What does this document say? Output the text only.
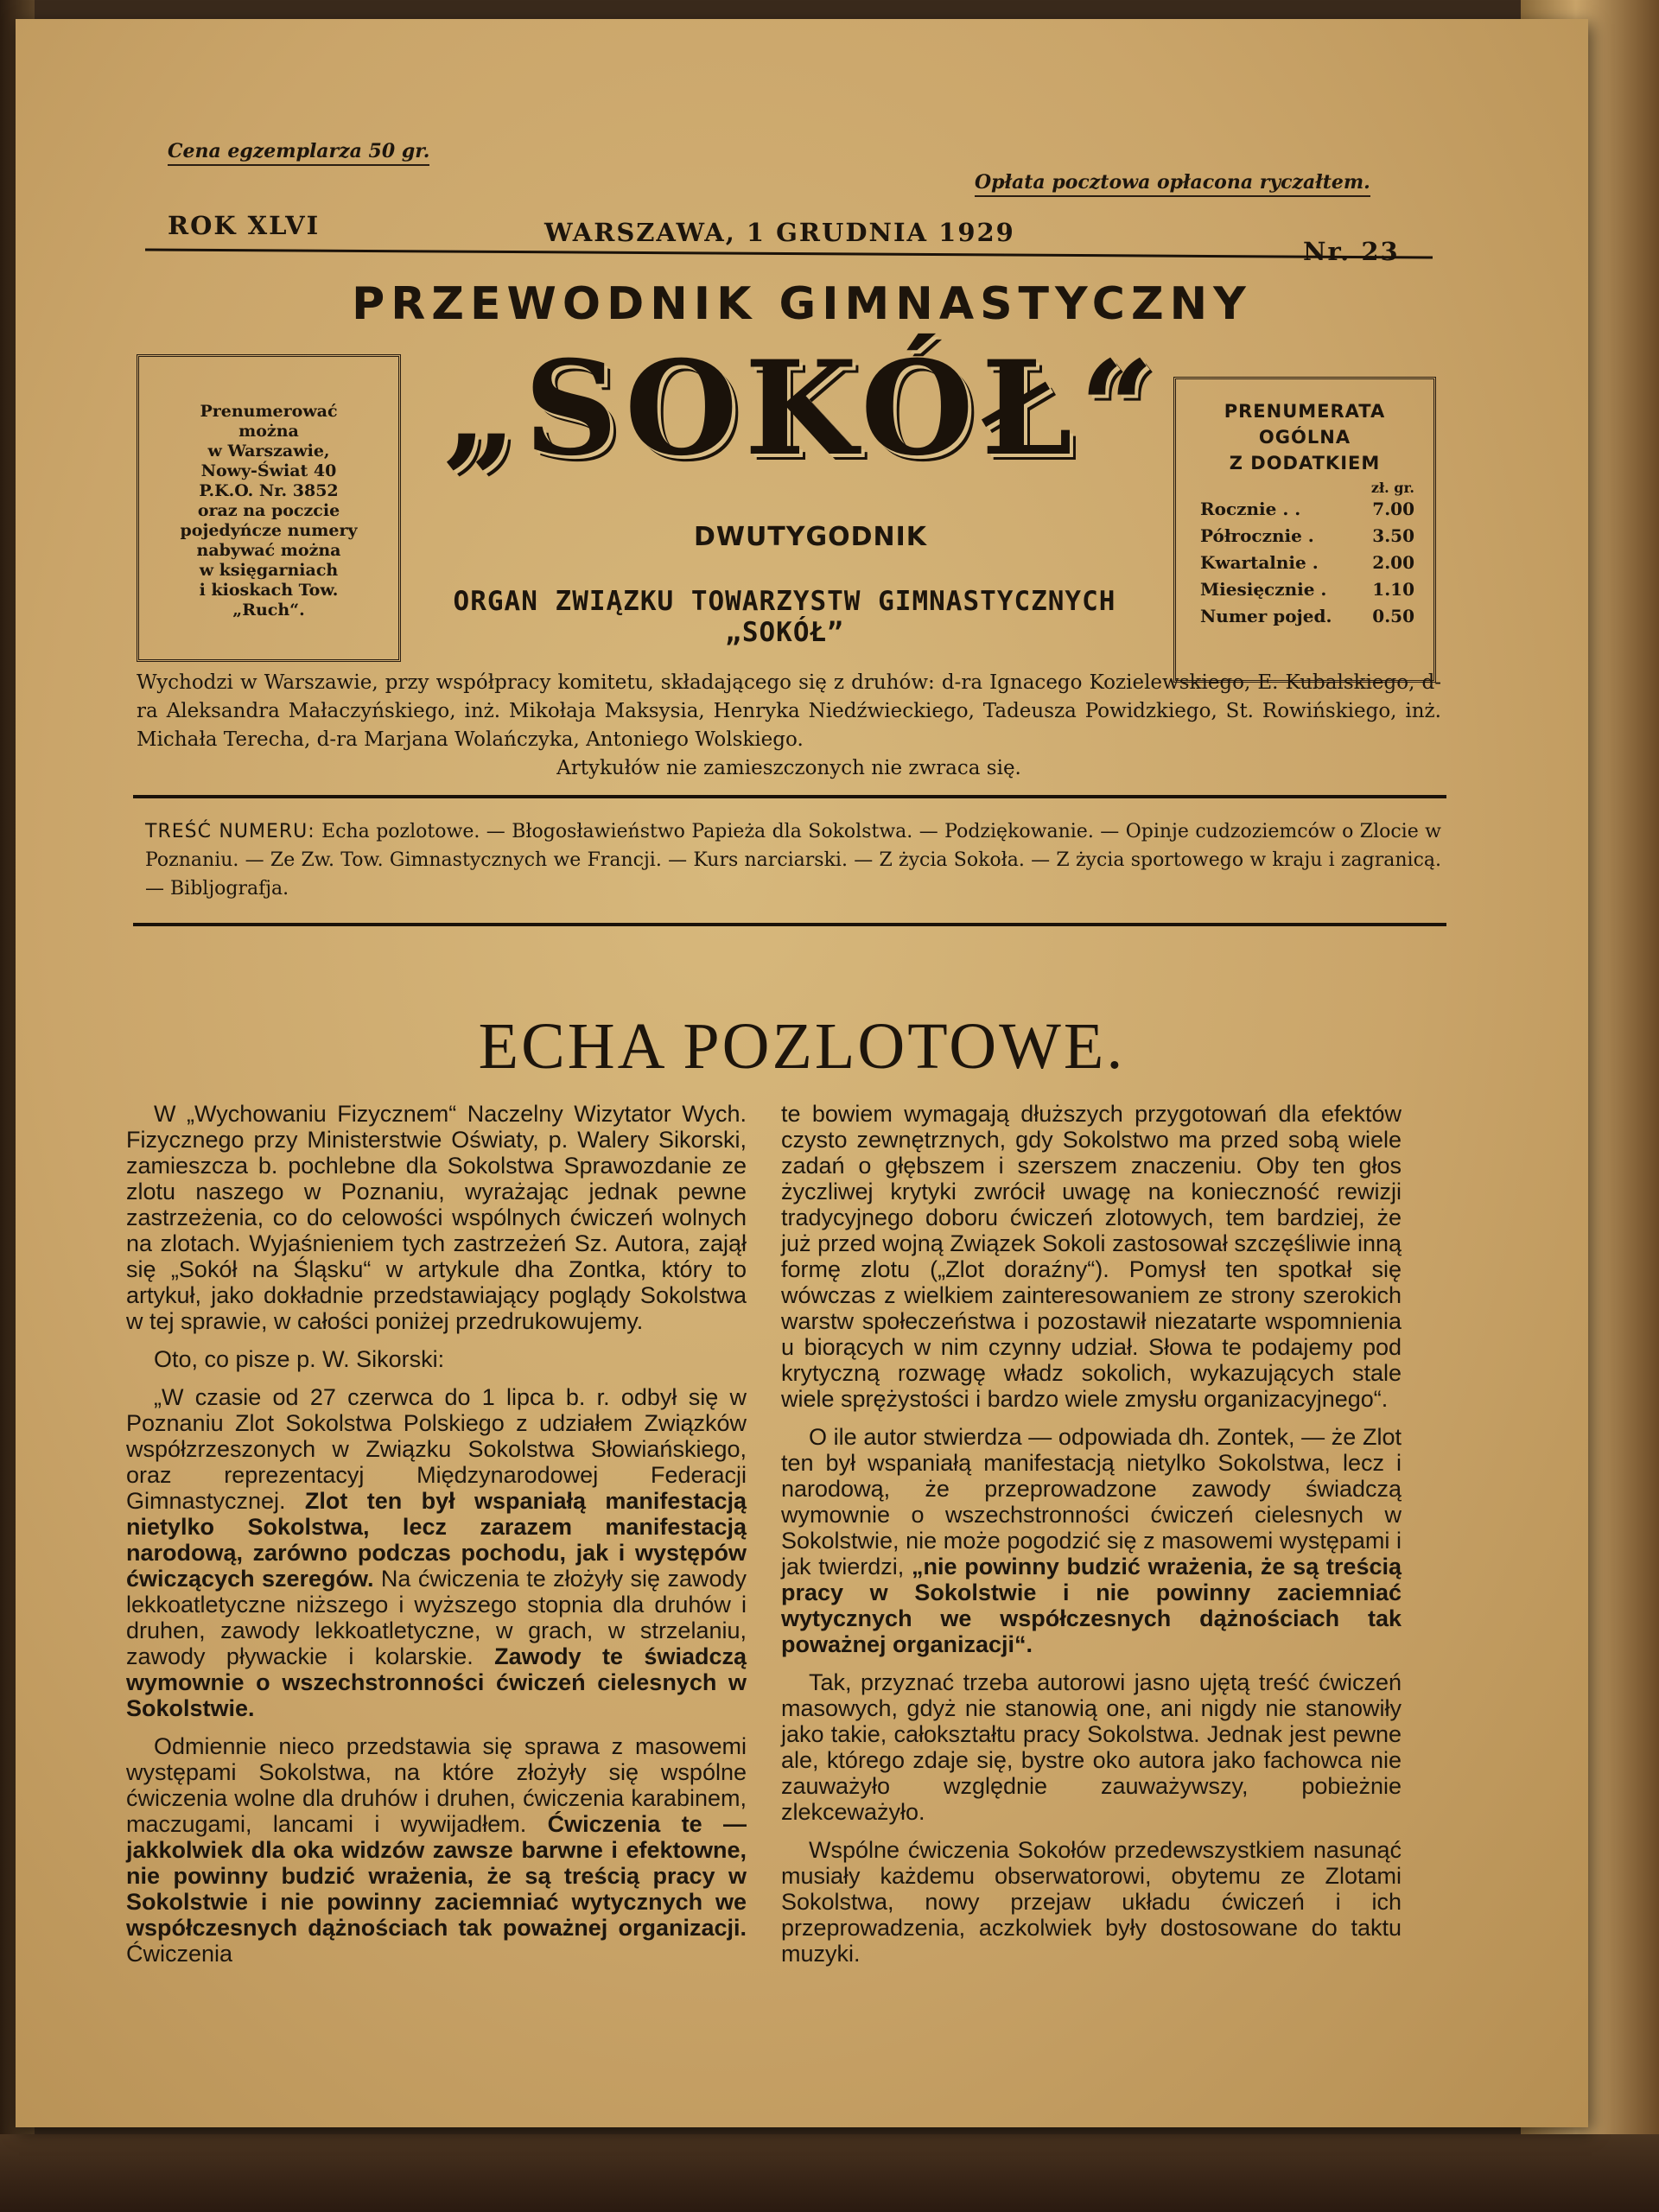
Cena egzemplarza 50 gr.
Opłata pocztowa opłacona ryczałtem.
ROK XLVI	WARSZAWA, 1 GRUDNIA 1929
Nr. 23
PRZEWODNIK GIMNASTYCZNY
„SOKÓŁ“
Prenumerować
można
w Warszawie,
Nowy-Świat 40
P.K.O. Nr. 3852
oraz na poczcie
pojedyńcze numery
nabywać można
w księgarniach
i kioskach Tow.
„Ruch“.
PRENUMERATA
OGÓLNA
Z DODATKIEM
zł. gr.
Rocznie . .	7.00
Półrocznie .	3.50
Kwartalnie .	2.00
Miesięcznie .	1.10
Numer pojed. 0.50
DWUTYGODNIK
ORGAN ZWIĄZKU TOWARZYSTW GIMNASTYCZNYCH „SOKÓŁ”
Wychodzi w Warszawie, przy współpracy komitetu, składającego się z druhów: d-ra Ignacego Kozielewskiego, E. Kubalskiego, d-ra Aleksandra Małaczyńskiego, inż. Mikołaja Maksysia, Henryka Niedźwieckiego, Tadeusza Powidzkiego, St. Rowińskiego, inż. Michała Terecha, d-ra Marjana Wolańczyka, Antoniego Wolskiego.
Artykułów nie zamieszczonych nie zwraca się.
TREŚĆ NUMERU: Echa pozlotowe. — Błogosławieństwo Papieża dla Sokolstwa. — Podziękowanie. — Opinje cudzoziemców o Zlocie w Poznaniu. — Ze Zw. Tow. Gimnastycznych we Francji. — Kurs narciarski. — Z życia Sokoła. — Z życia sportowego w kraju i zagranicą. — Bibljografja.
ECHA POZLOTOWE.

W „Wychowaniu Fizycznem“ Naczelny Wizytator Wych. Fizycznego przy Ministerstwie Oświaty, p. Walery Sikorski, zamieszcza b. pochlebne dla Sokolstwa Sprawozdanie ze zlotu naszego w Poznaniu, wyrażając jednak pewne zastrzeżenia, co do celowości wspólnych ćwiczeń wolnych na zlotach. Wyjaśnieniem tych zastrzeżeń Sz. Autora, zajął się „Sokół na Śląsku“ w artykule dha Zontka, który to artykuł, jako dokładnie przedstawiający poglądy Sokolstwa w tej sprawie, w całości poniżej przedrukowujemy.

Oto, co pisze p. W. Sikorski:

„W czasie od 27 czerwca do 1 lipca b. r. odbył się w Poznaniu Zlot Sokolstwa Polskiego z udziałem Związków współzrzeszonych w Związku Sokolstwa Słowiańskiego, oraz reprezentacyj Międzynarodowej Federacji Gimnastycznej. Zlot ten był wspaniałą manifestacją nietylko Sokolstwa, lecz zarazem manifestacją narodową, zarówno podczas pochodu, jak i występów ćwiczących szeregów. Na ćwiczenia te złożyły się zawody lekkoatletyczne niższego i wyższego stopnia dla druhów i druhen, zawody lekkoatletyczne, w grach, w strzelaniu, zawody pływackie i kolarskie. Zawody te świadczą wymownie o wszechstronności ćwiczeń cielesnych w Sokolstwie.

Odmiennie nieco przedstawia się sprawa z masowemi występami Sokolstwa, na które złożyły się wspólne ćwiczenia wolne dla druhów i druhen, ćwiczenia karabinem, maczugami, lancami i wywijadłem. Ćwiczenia te — jakkolwiek dla oka widzów zawsze barwne i efektowne, nie powinny budzić wrażenia, że są treścią pracy w Sokolstwie i nie powinny zaciemniać wytycznych we współczesnych dążnościach tak poważnej organizacji. Ćwiczenia

te bowiem wymagają dłuższych przygotowań dla efektów czysto zewnętrznych, gdy Sokolstwo ma przed sobą wiele zadań o głębszem i szerszem znaczeniu. Oby ten głos życzliwej krytyki zwrócił uwagę na konieczność rewizji tradycyjnego doboru ćwiczeń zlotowych, tem bardziej, że już przed wojną Związek Sokoli zastosował szczęśliwie inną formę zlotu („Zlot doraźny“). Pomysł ten spotkał się wówczas z wielkiem zainteresowaniem ze strony szerokich warstw społeczeństwa i pozostawił niezatarte wspomnienia u biorących w nim czynny udział. Słowa te podajemy pod krytyczną rozwagę władz sokolich, wykazujących stale wiele sprężystości i bardzo wiele zmysłu organizacyjnego“.

O ile autor stwierdza — odpowiada dh. Zontek, — że Zlot ten był wspaniałą manifestacją nietylko Sokolstwa, lecz i narodową, że przeprowadzone zawody świadczą wymownie o wszechstronności ćwiczeń cielesnych w Sokolstwie, nie może pogodzić się z masowemi występami i jak twierdzi, „nie powinny budzić wrażenia, że są treścią pracy w Sokolstwie i nie powinny zaciemniać wytycznych we współczesnych dążnościach tak poważnej organizacji“.

Tak, przyznać trzeba autorowi jasno ujętą treść ćwiczeń masowych, gdyż nie stanowią one, ani nigdy nie stanowiły jako takie, całokształtu pracy Sokolstwa. Jednak jest pewne ale, którego zdaje się, bystre oko autora jako fachowca nie zauważyło względnie zauważywszy, pobieżnie zlekceważyło.

Wspólne ćwiczenia Sokołów przedewszystkiem nasunąć musiały każdemu obserwatorowi, obytemu ze Zlotami Sokolstwa, nowy przejaw układu ćwiczeń i ich przeprowadzenia, aczkolwiek były dostosowane do taktu muzyki.
